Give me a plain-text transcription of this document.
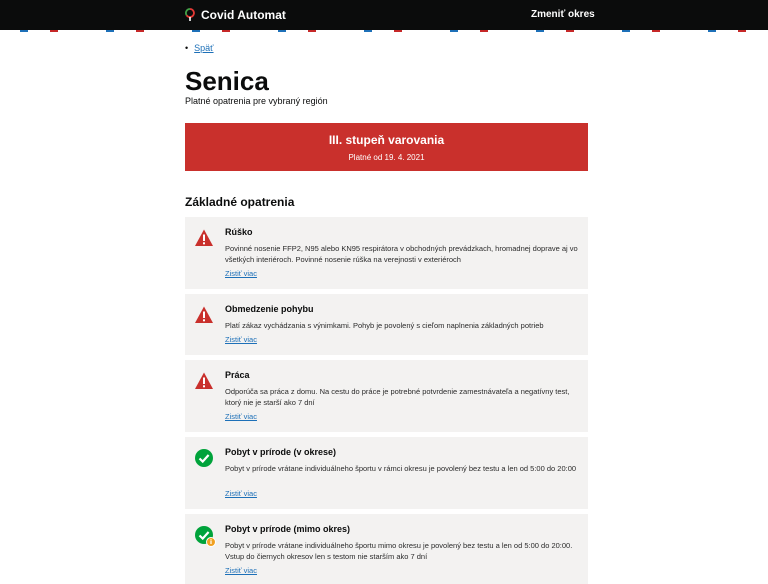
Covid Automat	Zmeniť okres
• Späť
Senica
Platné opatrenia pre vybraný región
III. stupeň varovania
Platné od 19. 4. 2021
Základné opatrenia
Rúško
Povinné nosenie FFP2, N95 alebo KN95 respirátora v obchodných prevádzkach, hromadnej doprave aj vo všetkých interiéroch. Povinné nosenie rúška na verejnosti v exteriéroch
Zistiť viac
Obmedzenie pohybu
Platí zákaz vychádzania s výnimkami. Pohyb je povolený s cieľom naplnenia základných potrieb
Zistiť viac
Práca
Odporúča sa práca z domu. Na cestu do práce je potrebné potvrdenie zamestnávateľa a negatívny test, ktorý nie je starší ako 7 dní
Zistiť viac
Pobyt v prírode (v okrese)
Pobyt v prírode vrátane individuálneho športu v rámci okresu je povolený bez testu a len od 5:00 do 20:00
Zistiť viac
Pobyt v prírode (mimo okres)
Pobyt v prírode vrátane individuálneho športu mimo okresu je povolený bez testu a len od 5:00 do 20:00. Vstup do čiernych okresov len s testom nie starším ako 7 dní
Zistiť viac
